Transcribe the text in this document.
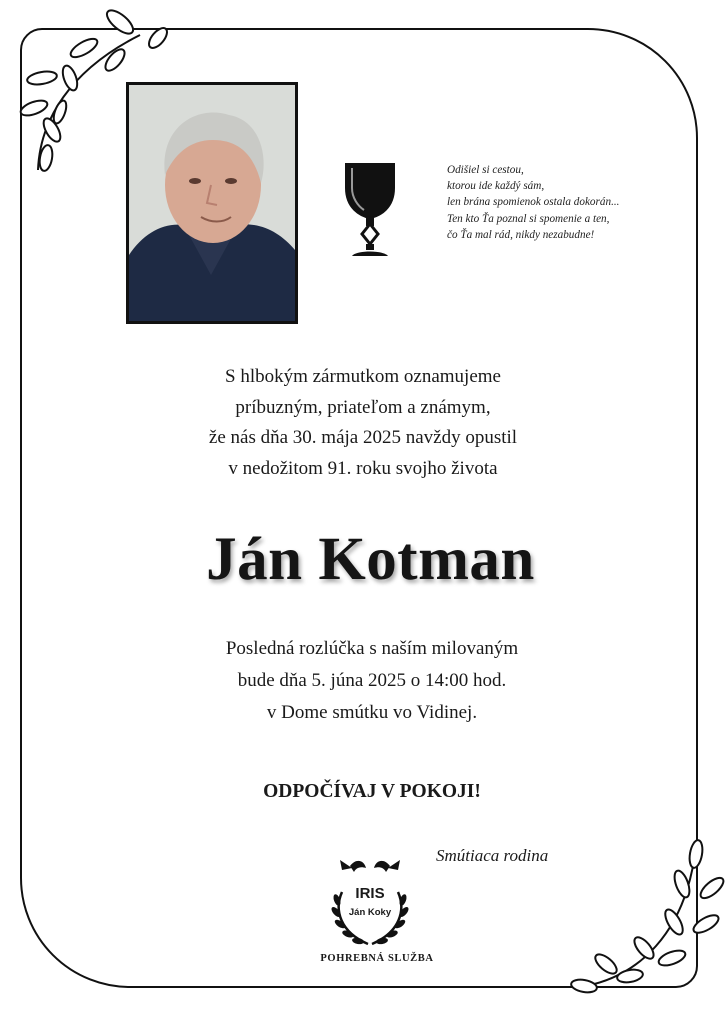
Odišiel si cestou,
ktorou ide každý sám,
len brána spomienok ostala dokorán...
Ten kto Ťa poznal si spomenie a ten,
čo Ťa mal rád, nikdy nezabudne!
S hlbokým zármutkom oznamujeme
príbuzným, priateľom a známym,
že nás dňa 30. mája 2025 navždy opustil
v nedožitom 91. roku svojho života
Ján Kotman
Posledná rozlúčka s naším milovaným
bude dňa 5. júna 2025 o 14:00 hod.
v Dome smútku vo Vidinej.
ODPOČÍVAJ V POKOJI!
Smútiaca rodina
IRIS
Ján Koky
POHREBNÁ SLUŽBA
